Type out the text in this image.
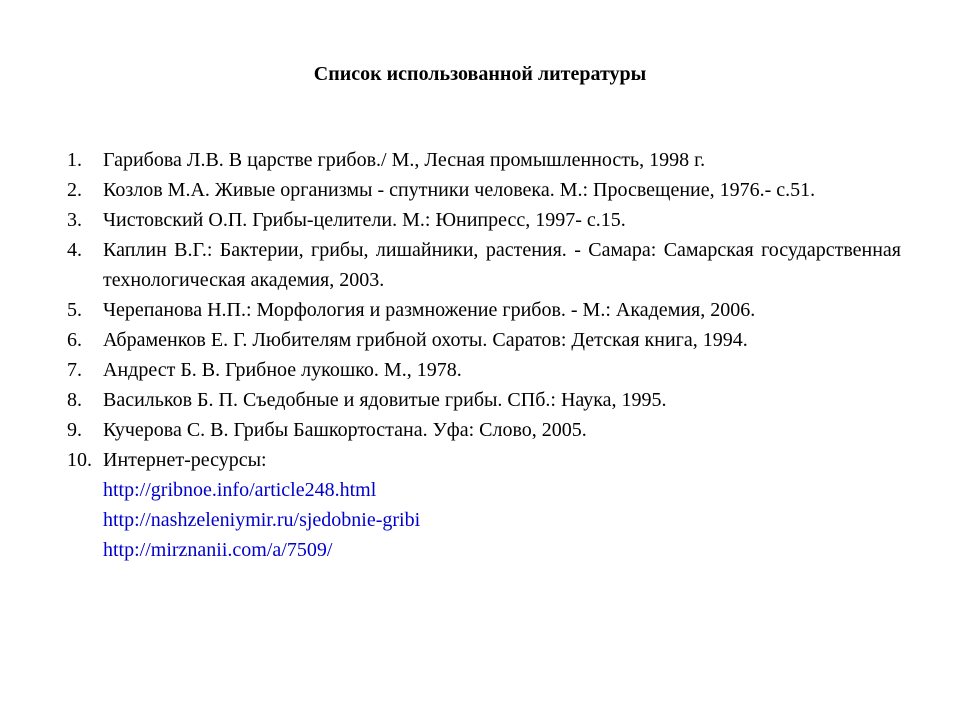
Список использованной литературы
1.	Гарибова Л.В. В царстве грибов./ М., Лесная промышленность, 1998 г.
2.	Козлов М.А. Живые организмы - спутники человека. М.: Просвещение, 1976.- с.51.
3.	Чистовский О.П. Грибы-целители. М.: Юнипресс, 1997- с.15.
4.	Каплин В.Г.: Бактерии, грибы, лишайники, растения. - Самара: Самарская государственная технологическая академия, 2003.
5.	Черепанова Н.П.: Морфология и размножение грибов. - М.: Академия, 2006.
6.	Абраменков Е. Г. Любителям грибной охоты. Саратов: Детская книга, 1994.
7.	Андрест Б. В. Грибное лукошко. М., 1978.
8.	Васильков Б. П. Съедобные и ядовитые грибы. СПб.: Наука, 1995.
9.	Кучерова С. В. Грибы Башкортостана. Уфа: Слово, 2005.
10. Интернет-ресурсы:
http://gribnoe.info/article248.html
http://nashzeleniymir.ru/sjedobnie-gribi
http://mirznanii.com/a/7509/
